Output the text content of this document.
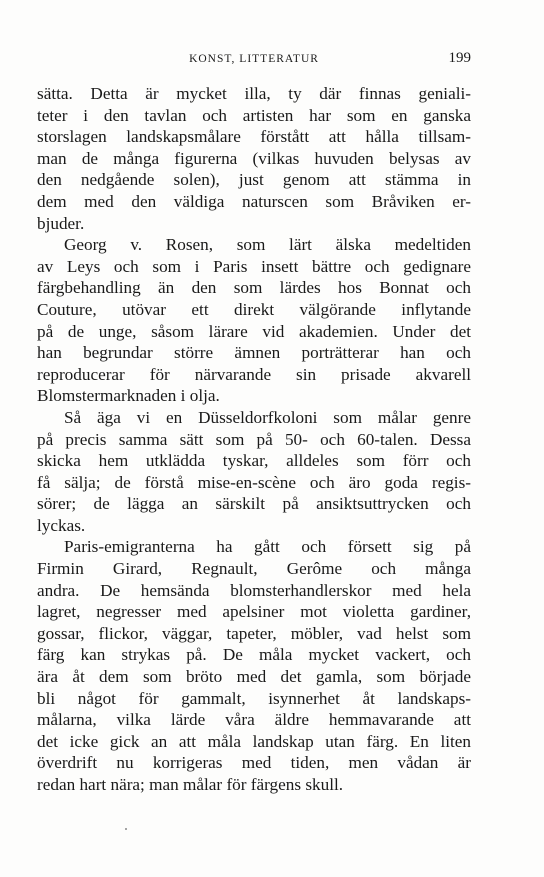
KONST, LITTERATUR	199
sätta. Detta är mycket illa, ty där finnas geniali-
teter i den tavlan och artisten har som en ganska
storslagen landskapsmålare förstått att hålla tillsam-
man de många figurerna (vilkas huvuden belysas av
den nedgående solen), just genom att stämma in
dem med den väldiga naturscen som Bråviken er-
bjuder.
Georg v. Rosen, som lärt älska medeltiden
av Leys och som i Paris insett bättre och gedignare
färgbehandling än den som lärdes hos Bonnat och
Couture, utövar ett direkt välgörande inflytande
på de unge, såsom lärare vid akademien. Under det
han begrundar större ämnen porträtterar han och
reproducerar för närvarande sin prisade akvarell
Blomstermarknaden i olja.
Så äga vi en Düsseldorfkoloni som målar genre
på precis samma sätt som på 50- och 60-talen. Dessa
skicka hem utklädda tyskar, alldeles som förr och
få sälja; de förstå mise-en-scène och äro goda regis-
sörer; de lägga an särskilt på ansiktsuttrycken och
lyckas.
Paris-emigranterna ha gått och försett sig på
Firmin Girard, Regnault, Gerôme och många
andra. De hemsända blomsterhandlerskor med hela
lagret, negresser med apelsiner mot violetta gardiner,
gossar, flickor, väggar, tapeter, möbler, vad helst som
färg kan strykas på. De måla mycket vackert, och
ära åt dem som bröto med det gamla, som började
bli något för gammalt, isynnerhet åt landskaps-
målarna, vilka lärde våra äldre hemmavarande att
det icke gick an att måla landskap utan färg. En liten
överdrift nu korrigeras med tiden, men vådan är
redan hart nära; man målar för färgens skull.
